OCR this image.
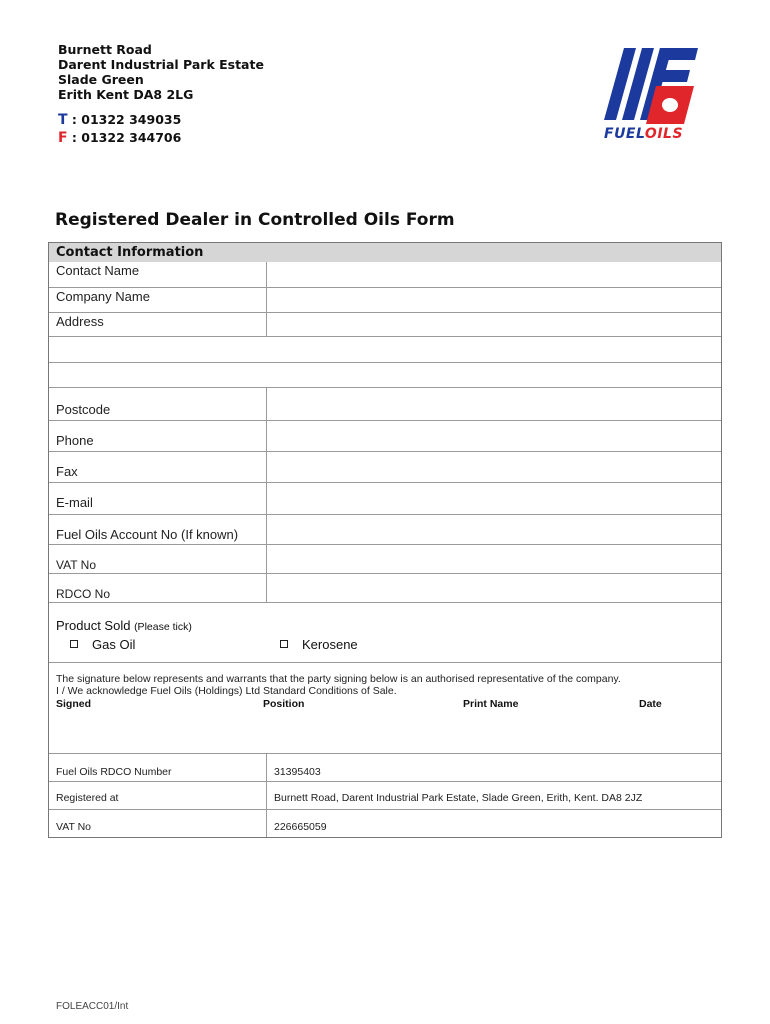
Burnett Road
Darent Industrial Park Estate
Slade Green
Erith Kent DA8 2LG
T : 01322 349035
F : 01322 344706	FUELOILS
Registered Dealer in Controlled Oils Form
Contact Information
Contact Name
Company Name
Address
Postcode
Phone
Fax
E-mail
Fuel Oils Account No (If known)
VAT No
RDCO No
Product Sold (Please tick)
Gas Oil	Kerosene
The signature below represents and warrants that the party signing below is an authorised representative of the company.
I / We acknowledge Fuel Oils (Holdings) Ltd Standard Conditions of Sale.
Signed	Position	Print Name	Date
Fuel Oils RDCO Number	31395403
Registered at	Burnett Road, Darent Industrial Park Estate, Slade Green, Erith, Kent. DA8 2JZ
VAT No	226665059
FOLEACC01/Int
